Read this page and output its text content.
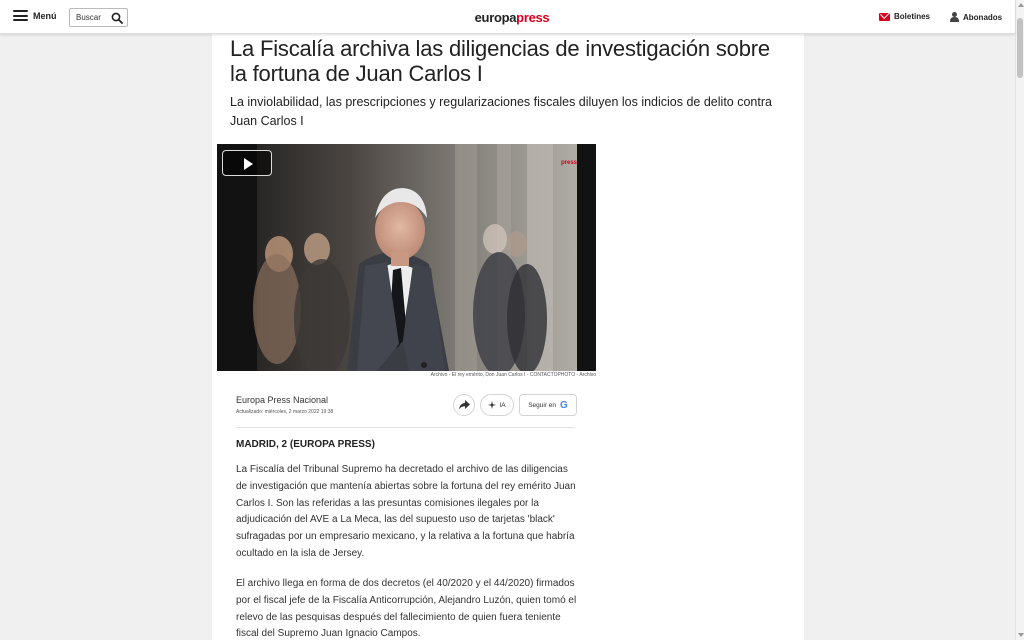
Menú
Buscar	europapress	Boletines	Abonados
La Fiscalía archiva las diligencias de investigación sobre la fortuna de Juan Carlos I
La inviolabilidad, las prescripciones y regularizaciones fiscales diluyen los indicios de delito contra Juan Carlos I
press
Archivo - El rey emérito, Don Juan Carlos I - CONTACTOPHOTO - Archivo
Europa Press Nacional
Actualizado: miércoles, 2 marzo 2022 19:38
IA	Seguir en G
MADRID, 2 (EUROPA PRESS)

La Fiscalía del Tribunal Supremo ha decretado el archivo de las diligencias de investigación que mantenía abiertas sobre la fortuna del rey emérito Juan Carlos I. Son las referidas a las presuntas comisiones ilegales por la adjudicación del AVE a La Meca, las del supuesto uso de tarjetas 'black' sufragadas por un empresario mexicano, y la relativa a la fortuna que habría ocultado en la isla de Jersey.

El archivo llega en forma de dos decretos (el 40/2020 y el 44/2020) firmados por el fiscal jefe de la Fiscalía Anticorrupción, Alejandro Luzón, quien tomó el relevo de las pesquisas después del fallecimiento de quien fuera teniente fiscal del Supremo Juan Ignacio Campos.
